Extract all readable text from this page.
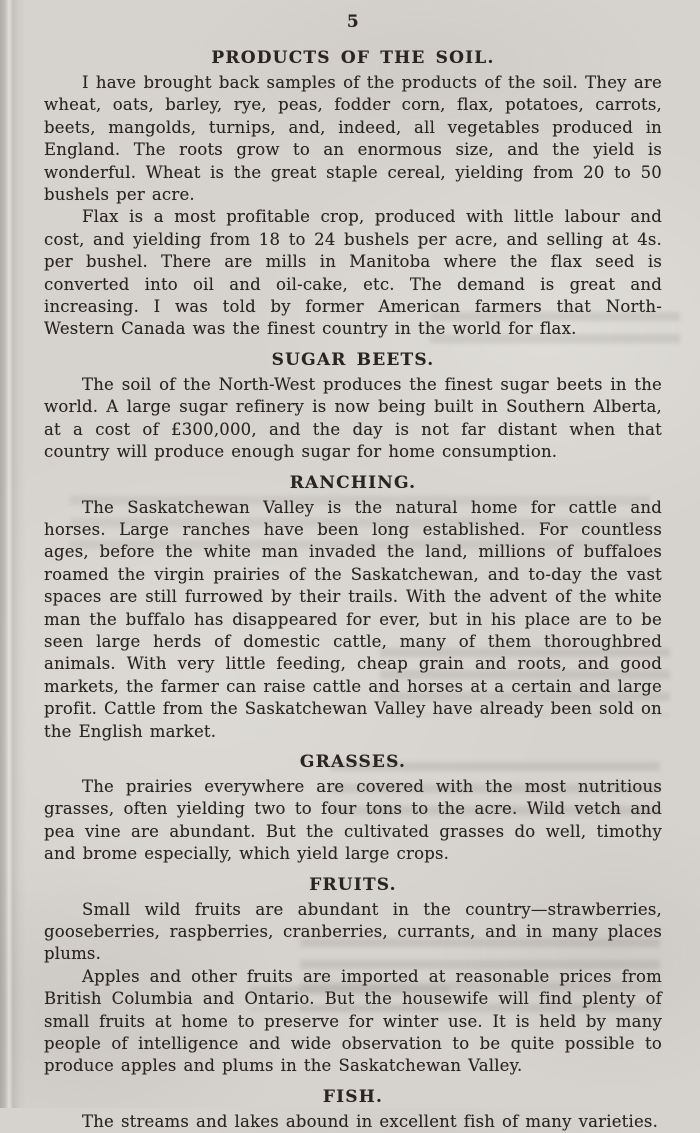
5
PRODUCTS OF THE SOIL.

I have brought back samples of the products of the soil. They are wheat, oats, barley, rye, peas, fodder corn, flax, potatoes, carrots, beets, mangolds, turnips, and, indeed, all vegetables produced in England. The roots grow to an enormous size, and the yield is wonderful. Wheat is the great staple cereal, yielding from 20 to 50 bushels per acre.

Flax is a most profitable crop, produced with little labour and cost, and yielding from 18 to 24 bushels per acre, and selling at 4s. per bushel. There are mills in Manitoba where the flax seed is converted into oil and oil-cake, etc. The demand is great and increasing. I was told by former American farmers that North-Western Canada was the finest country in the world for flax.

SUGAR BEETS.

The soil of the North-West produces the finest sugar beets in the world. A large sugar refinery is now being built in Southern Alberta, at a cost of £300,000, and the day is not far distant when that country will produce enough sugar for home consumption.

RANCHING.

The Saskatchewan Valley is the natural home for cattle and horses. Large ranches have been long established. For countless ages, before the white man invaded the land, millions of buffaloes roamed the virgin prairies of the Saskatchewan, and to-day the vast spaces are still furrowed by their trails. With the advent of the white man the buffalo has disappeared for ever, but in his place are to be seen large herds of domestic cattle, many of them thoroughbred animals. With very little feeding, cheap grain and roots, and good markets, the farmer can raise cattle and horses at a certain and large profit. Cattle from the Saskatchewan Valley have already been sold on the English market.

GRASSES.

The prairies everywhere are covered with the most nutritious grasses, often yielding two to four tons to the acre. Wild vetch and pea vine are abundant. But the cultivated grasses do well, timothy and brome especially, which yield large crops.

FRUITS.

Small wild fruits are abundant in the country—strawberries, gooseberries, raspberries, cranberries, currants, and in many places plums.

Apples and other fruits are imported at reasonable prices from British Columbia and Ontario. But the housewife will find plenty of small fruits at home to preserve for winter use. It is held by many people of intelligence and wide observation to be quite possible to produce apples and plums in the Saskatchewan Valley.

FISH.

The streams and lakes abound in excellent fish of many varieties.
